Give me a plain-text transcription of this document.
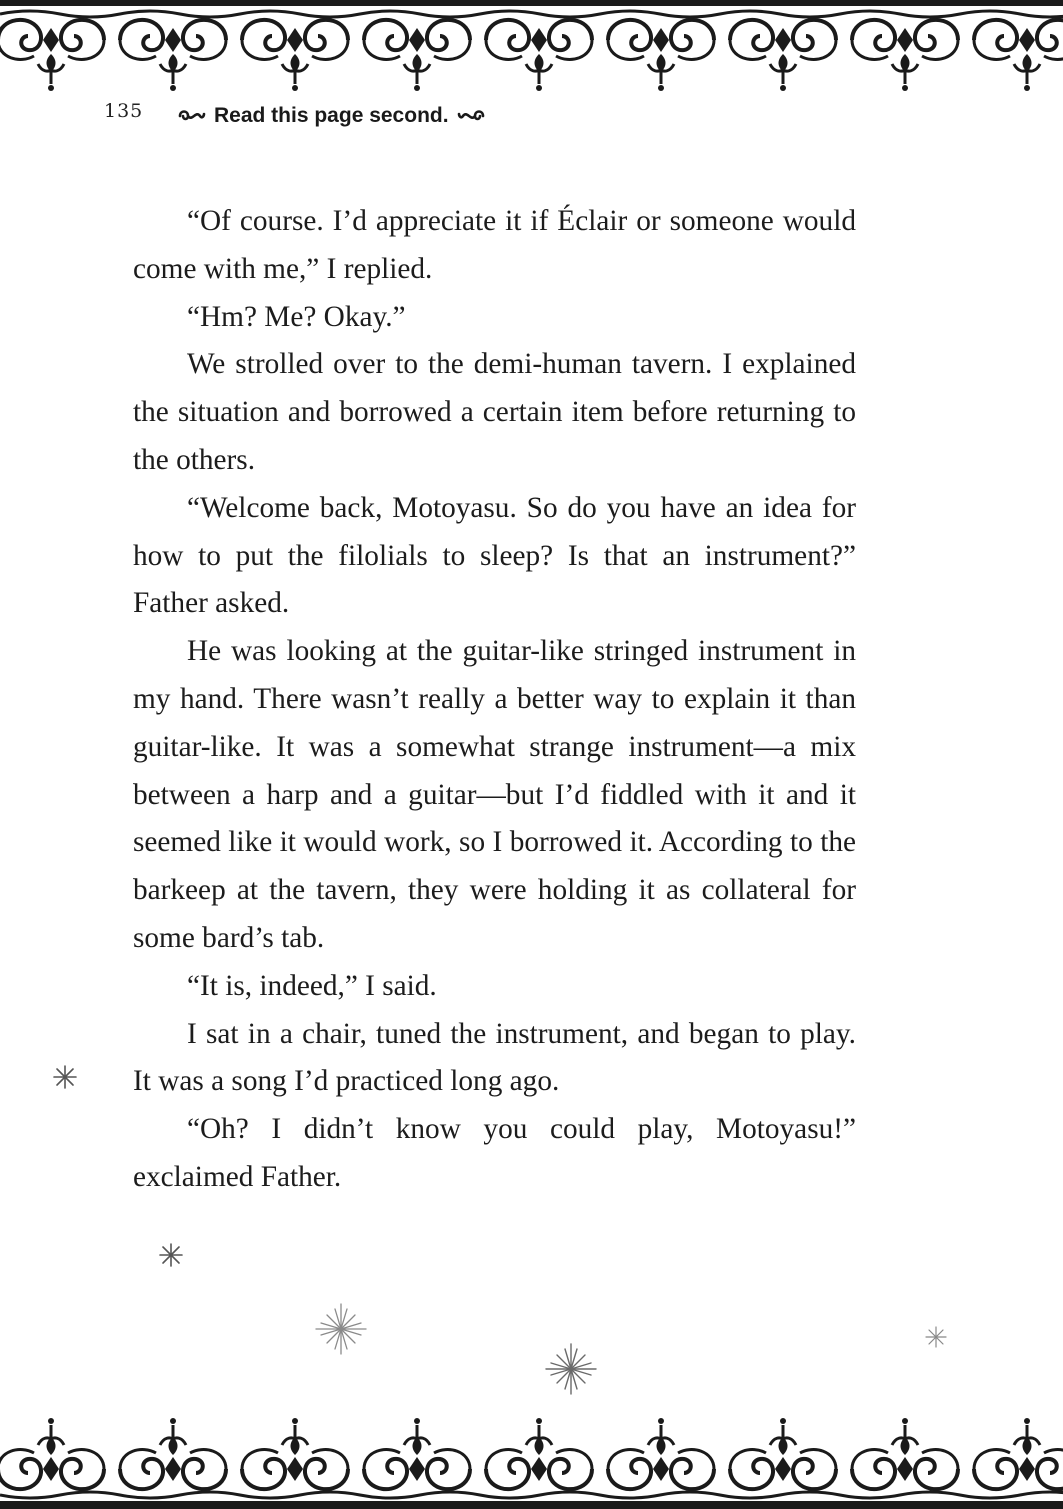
135	Read this page second.

“Of course. I’d appreciate it if Éclair or someone would come with me,” I replied.

“Hm? Me? Okay.”

We strolled over to the demi-human tavern. I explained the situation and borrowed a certain item before returning to the others.

“Welcome back, Motoyasu. So do you have an idea for how to put the filolials to sleep? Is that an instrument?” Father asked.

He was looking at the guitar-like stringed instrument in my hand. There wasn’t really a better way to explain it than guitar-like. It was a somewhat strange instrument—a mix between a harp and a guitar—but I’d fiddled with it and it seemed like it would work, so I borrowed it. According to the barkeep at the tavern, they were holding it as collateral for some bard’s tab.

“It is, indeed,” I said.

I sat in a chair, tuned the instrument, and began to play. It was a song I’d practiced long ago.

“Oh? I didn’t know you could play, Motoyasu!” exclaimed Father.
